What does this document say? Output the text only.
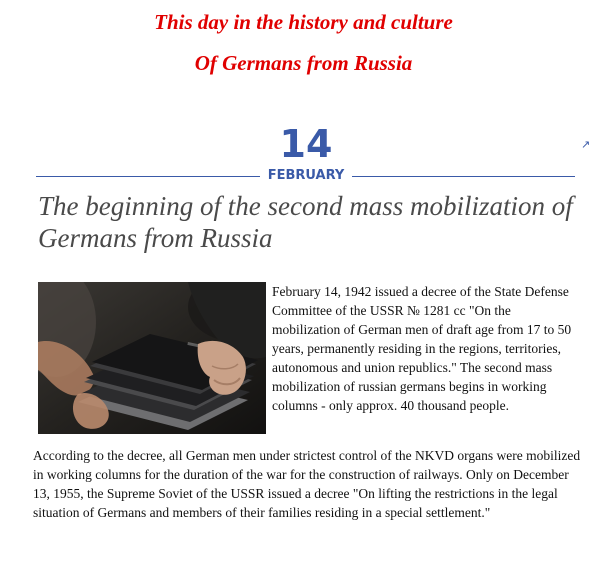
This day in the history and culture
Of Germans from Russia
↗
14
FEBRUARY
The beginning of the second mass mobilization of Germans from Russia

February 14, 1942 issued a decree of the State Defense Committee of the USSR № 1281 cc "On the mobilization of German men of draft age from 17 to 50 years, permanently residing in the regions, territories, autonomous and union republics." The second mass mobilization of russian germans begins in working columns - only approx. 40 thousand people.

According to the decree, all German men under strictest control of the NKVD organs were mobilized in working columns for the duration of the war for the construction of railways. Only on December 13, 1955, the Supreme Soviet of the USSR issued a decree "On lifting the restrictions in the legal situation of Germans and members of their families residing in a special settlement."
